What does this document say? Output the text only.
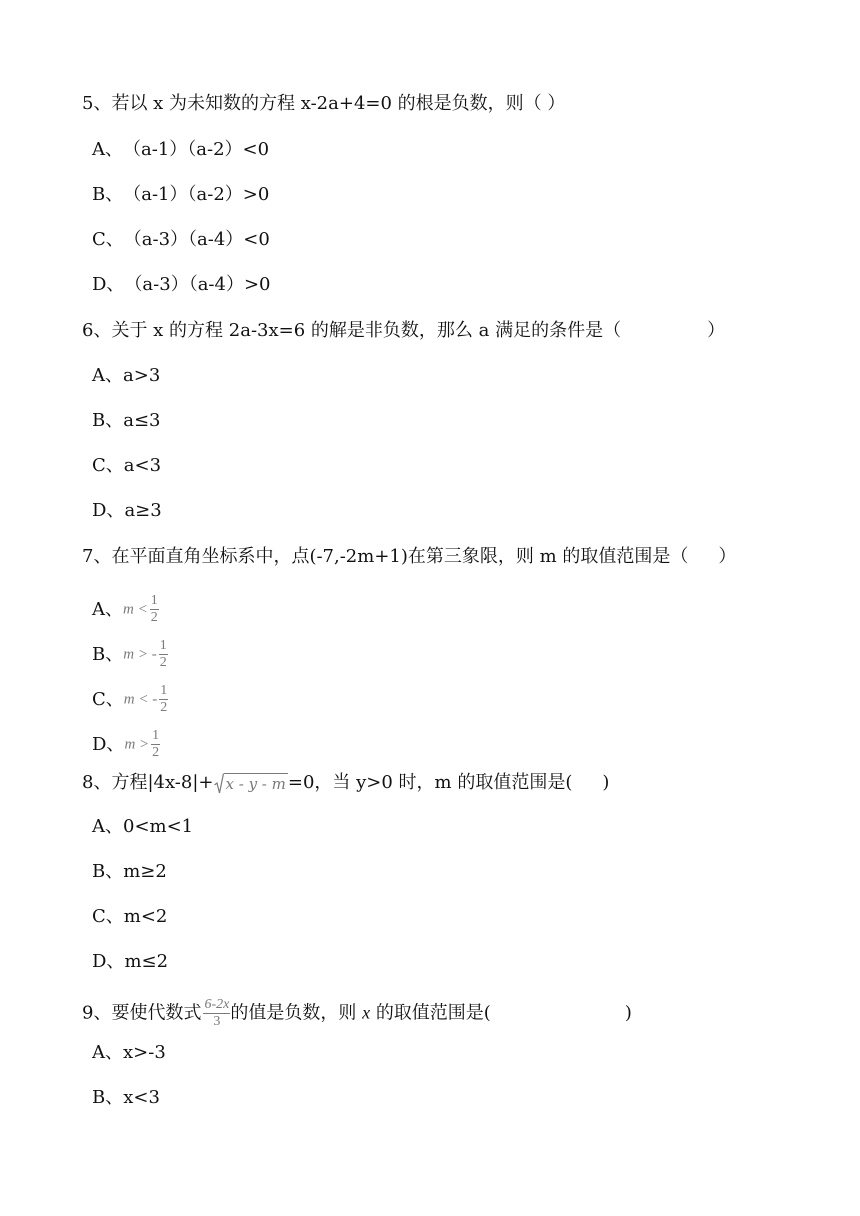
5、若以 x 为未知数的方程 x-2a+4=0 的根是负数，则（ ）
A、（a-1）（a-2）<0
B、（a-1）（a-2）>0
C、（a-3）（a-4）<0
D、（a-3）（a-4）>0
6、关于 x 的方程 2a-3x=6 的解是非负数，那么 a 满足的条件是（	）
A、a>3
B、a≤3
C、a<3
D、a≥3
7、在平面直角坐标系中，点(-7,-2m+1)在第三象限，则 m 的取值范围是（ ）
A、$m < \frac{1}{2}$
B、m > - $\frac{1}{2}$
C、m < - $\frac{1}{2}$
D、$m > \frac{1}{2}$
8、方程|4x-8|+ x - y - m =0，当 y>0 时，m 的取值范围是( )
A、0<m<1
B、m≥2
C、m<2
D、m≤2
9、要使代数式 $\frac{6-2x}{3}$ 的值是负数，则 x 的取值范围是(	)
A、x>-3
B、x<3
